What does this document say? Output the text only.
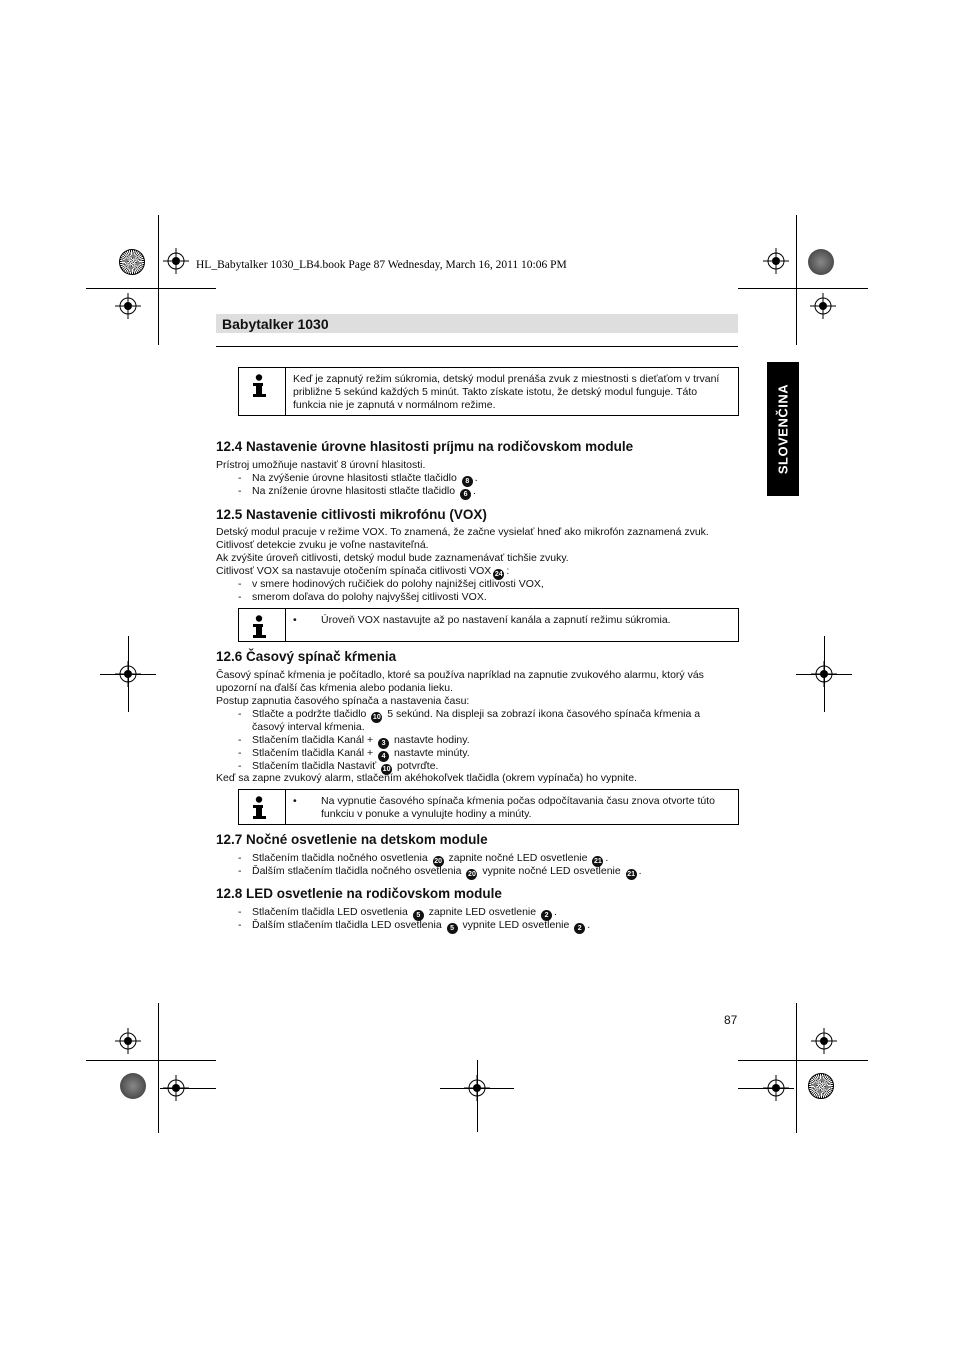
HL_Babytalker 1030_LB4.book Page 87 Wednesday, March 16, 2011 10:06 PM
Babytalker 1030
SLOVENČINA
Keď je zapnutý režim súkromia, detský modul prenáša zvuk z miestnosti s dieťaťom v trvaní približne 5 sekúnd každých 5 minút. Takto získate istotu, že detský modul funguje. Táto funkcia nie je zapnutá v normálnom režime.
12.4 Nastavenie úrovne hlasitosti príjmu na rodičovskom module
Prístroj umožňuje nastaviť 8 úrovní hlasitosti.
- Na zvýšenie úrovne hlasitosti stlačte tlačidlo 8 .
- Na zníženie úrovne hlasitosti stlačte tlačidlo 6 .
12.5 Nastavenie citlivosti mikrofónu (VOX)
Detský modul pracuje v režime VOX. To znamená, že začne vysielať hneď ako mikrofón zaznamená zvuk.
Citlivosť detekcie zvuku je voľne nastaviteľná.
Ak zvýšite úroveň citlivosti, detský modul bude zaznamenávať tichšie zvuky.
Citlivosť VOX sa nastavuje otočením spínača citlivosti VOX 24 :
- v smere hodinových ručičiek do polohy najnižšej citlivosti VOX,
- smerom doľava do polohy najvyššej citlivosti VOX.
• Úroveň VOX nastavujte až po nastavení kanála a zapnutí režimu súkromia.
12.6 Časový spínač kŕmenia
Časový spínač kŕmenia je počítadlo, ktoré sa používa napríklad na zapnutie zvukového alarmu, ktorý vás
upozorní na ďalší čas kŕmenia alebo podania lieku.
Postup zapnutia časového spínača a nastavenia času:
- Stlačte a podržte tlačidlo 10 5 sekúnd. Na displeji sa zobrazí ikona časového spínača kŕmenia a
časový interval kŕmenia.
- Stlačením tlačidla Kanál + 3 nastavte hodiny.
- Stlačením tlačidla Kanál + 4 nastavte minúty.
- Stlačením tlačidla Nastaviť 10 potvrďte.
Keď sa zapne zvukový alarm, stlačením akéhokoľvek tlačidla (okrem vypínača) ho vypnite.
• Na vypnutie časového spínača kŕmenia počas odpočítavania času znova otvorte túto funkciu v ponuke a vynulujte hodiny a minúty.
12.7 Nočné osvetlenie na detskom module
- Stlačením tlačidla nočného osvetlenia 20 zapnite nočné LED osvetlenie 21 .
- Ďalším stlačením tlačidla nočného osvetlenia 20 vypnite nočné LED osvetlenie 21 .
12.8 LED osvetlenie na rodičovskom module
- Stlačením tlačidla LED osvetlenia 5 zapnite LED osvetlenie 2 .
- Ďalším stlačením tlačidla LED osvetlenia 5 vypnite LED osvetlenie 2 .
87
